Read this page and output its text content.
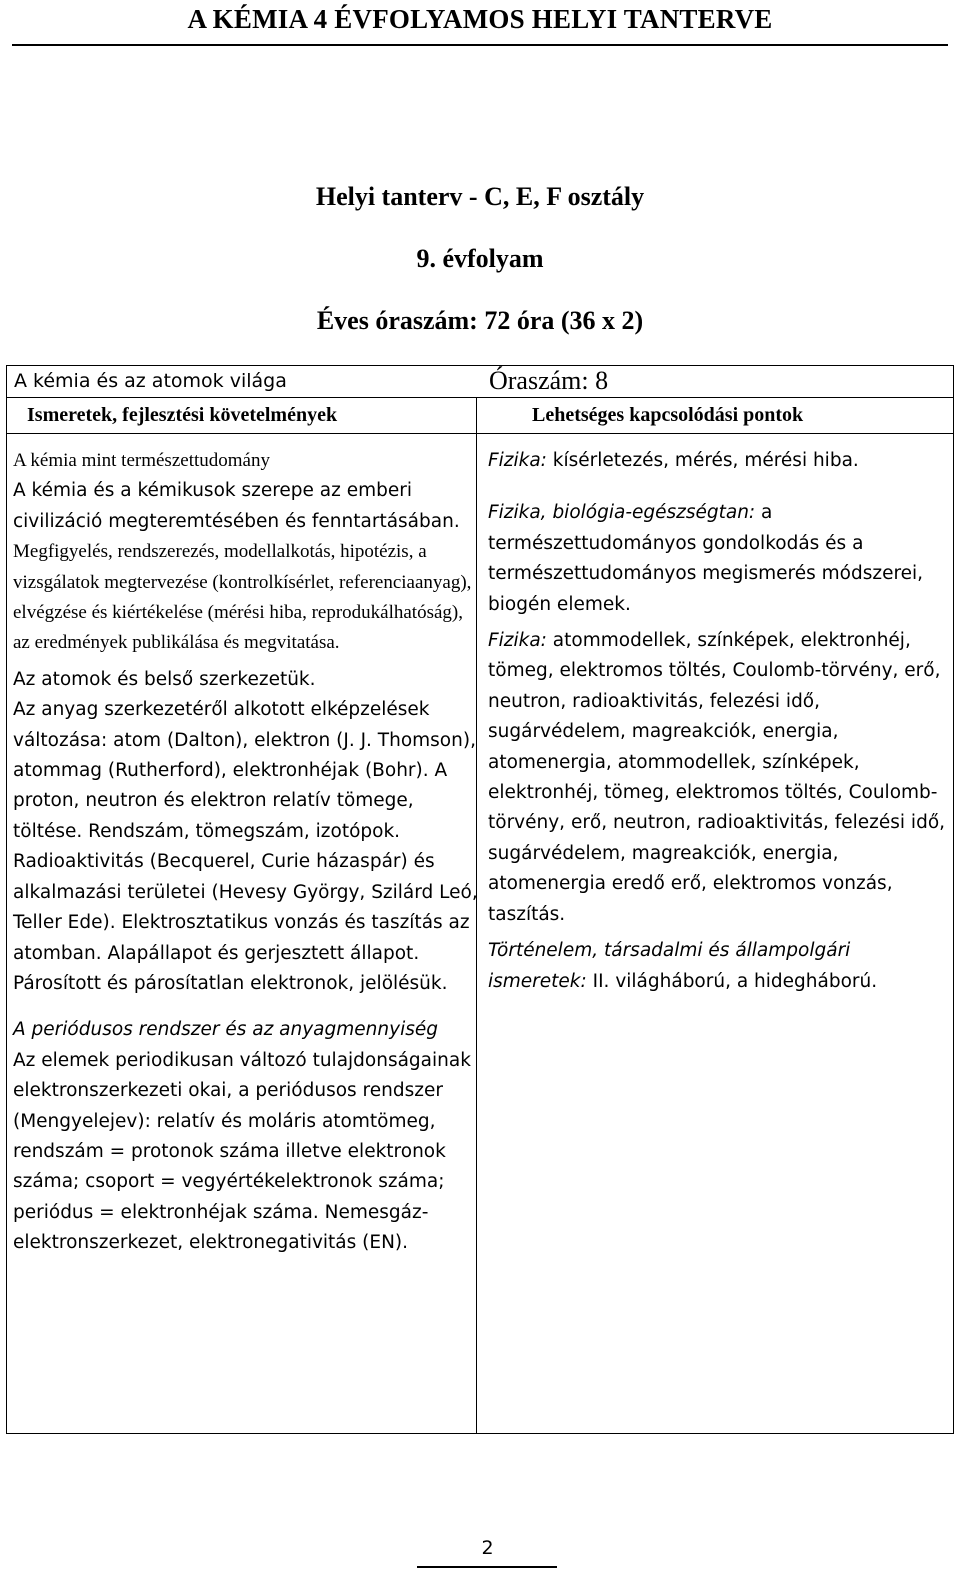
A KÉMIA 4 ÉVFOLYAMOS HELYI TANTERVE
Helyi tanterv - C, E, F osztály
9. évfolyam
Éves óraszám: 72 óra (36 x 2)
A kémia és az atomok világa	Óraszám: 8
Ismeretek, fejlesztési követelmények	Lehetséges kapcsolódási pontok

A kémia mint természettudomány
A kémia és a kémikusok szerepe az emberi civilizáció megteremtésében és fenntartásában. Megfigyelés, rendszerezés, modellalkotás, hipotézis, a vizsgálatok megtervezése (kontrolkísérlet, referenciaanyag), elvégzése és kiértékelése (mérési hiba, reprodukálhatóság), az eredmények publikálása és megvitatása.

Az atomok és belső szerkezetük.

Az anyag szerkezetéről alkotott elképzelések változása: atom (Dalton), elektron (J. J. Thomson), atommag (Rutherford), elektronhéjak (Bohr). A proton, neutron és elektron relatív tömege, töltése. Rendszám, tömegszám, izotópok.

Radioaktivitás (Becquerel, Curie házaspár) és alkalmazási területei (Hevesy György, Szilárd Leó, Teller Ede). Elektrosztatikus vonzás és taszítás az atomban. Alapállapot és gerjesztett állapot. Párosított és párosítatlan elektronok, jelölésük.

A periódusos rendszer és az anyagmennyiség

Az elemek periodikusan változó tulajdonságainak elektronszerkezeti okai, a periódusos rendszer (Mengyelejev): relatív és moláris atomtömeg, rendszám = protonok száma illetve elektronok száma; csoport = vegyértékelektronok száma; periódus = elektronhéjak száma. Nemesgáz-elektronszerkezet, elektronegativitás (EN).

Fizika: kísérletezés, mérés, mérési hiba.

Fizika, biológia-egészségtan: a természettudományos gondolkodás és a természettudományos megismerés módszerei, biogén elemek.

Fizika: atommodellek, színképek, elektronhéj, tömeg, elektromos töltés, Coulomb-törvény, erő, neutron, radioaktivitás, felezési idő, sugárvédelem, magreakciók, energia, atomenergia, atommodellek, színképek, elektronhéj, tömeg, elektromos töltés, Coulomb-törvény, erő, neutron, radioaktivitás, felezési idő, sugárvédelem, magreakciók, energia, atomenergia eredő erő, elektromos vonzás, taszítás.

Történelem, társadalmi és állampolgári ismeretek: II. világháború, a hidegháború.

2
